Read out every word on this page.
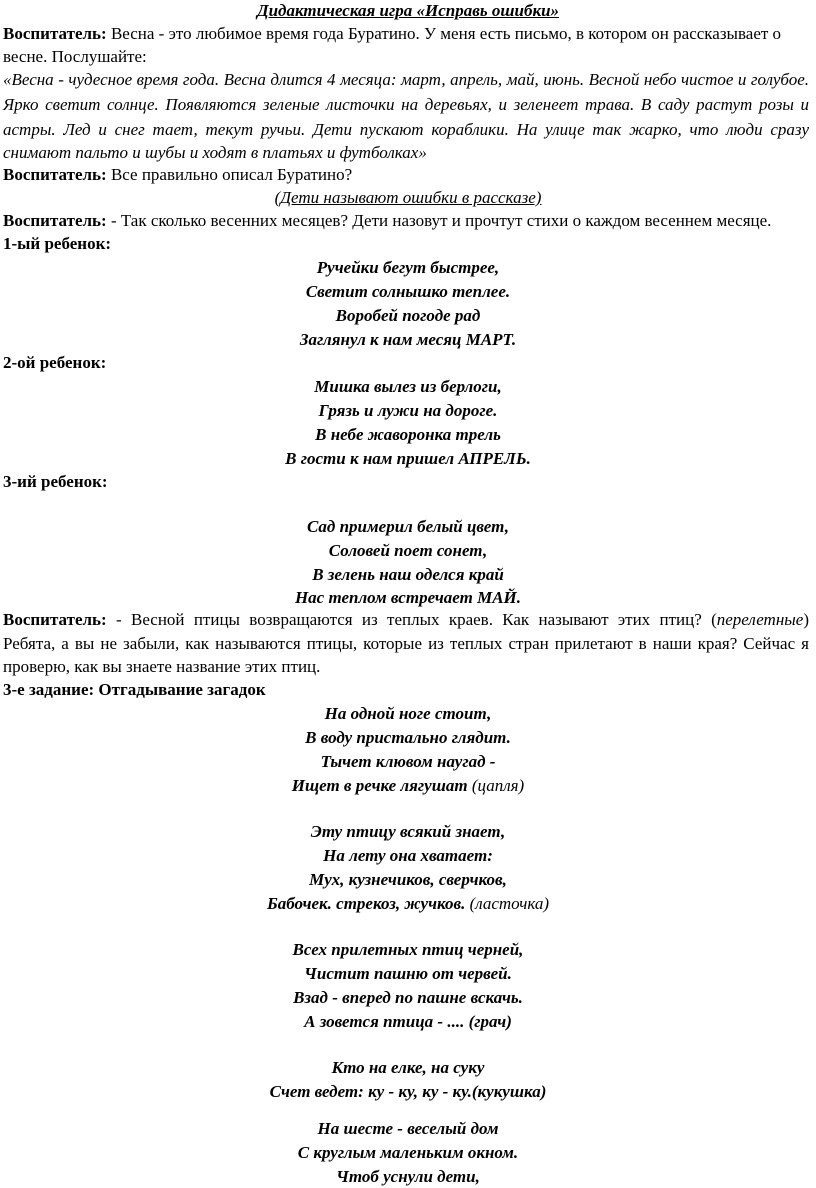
Дидактическая игра «Исправь ошибки»
Воспитатель: Весна - это любимое время года Буратино. У меня есть письмо, в котором он рассказывает о
весне. Послушайте:
«Весна - чудесное время года. Весна длится 4 месяца: март, апрель, май, июнь. Весной небо чистое и голубое.
Ярко светит солнце. Появляются зеленые листочки на деревьях, и зеленеет трава. В саду растут розы и
астры. Лед и снег тает, текут ручьи. Дети пускают кораблики. На улице так жарко, что люди сразу
снимают пальто и шубы и ходят в платьях и футболках»
Воспитатель: Все правильно описал Буратино?
(Дети называют ошибки в рассказе)
Воспитатель: - Так сколько весенних месяцев? Дети назовут и прочтут стихи о каждом весеннем месяце.
1-ый ребенок:
Ручейки бегут быстрее,
Светит солнышко теплее.
Воробей погоде рад
Заглянул к нам месяц МАРТ.
2-ой ребенок:
Мишка вылез из берлоги,
Грязь и лужи на дороге.
В небе жаворонка трель
В гости к нам пришел АПРЕЛЬ.
3-ий ребенок:
Сад примерил белый цвет,
Соловей поет сонет,
В зелень наш оделся край
Нас теплом встречает МАЙ.
Воспитатель: - Весной птицы возвращаются из теплых краев. Как называют этих птиц? (перелетные)
Ребята, а вы не забыли, как называются птицы, которые из теплых стран прилетают в наши края? Сейчас я
проверю, как вы знаете название этих птиц.
3-е задание: Отгадывание загадок
На одной ноге стоит,
В воду пристально глядит.
Тычет клювом наугад -
Ищет в речке лягушат (цапля)
Эту птицу всякий знает,
На лету она хватает:
Мух, кузнечиков, сверчков,
Бабочек. стрекоз, жучков. (ласточка)
Всех прилетных птиц черней,
Чистит пашню от червей.
Взад - вперед по пашне вскачь.
А зовется птица - .... (грач)
Кто на елке, на суку
Счет ведет: ку - ку, ку - ку.(кукушка)
На шесте - веселый дом
С круглым маленьким окном.
Чтоб уснули дети,
